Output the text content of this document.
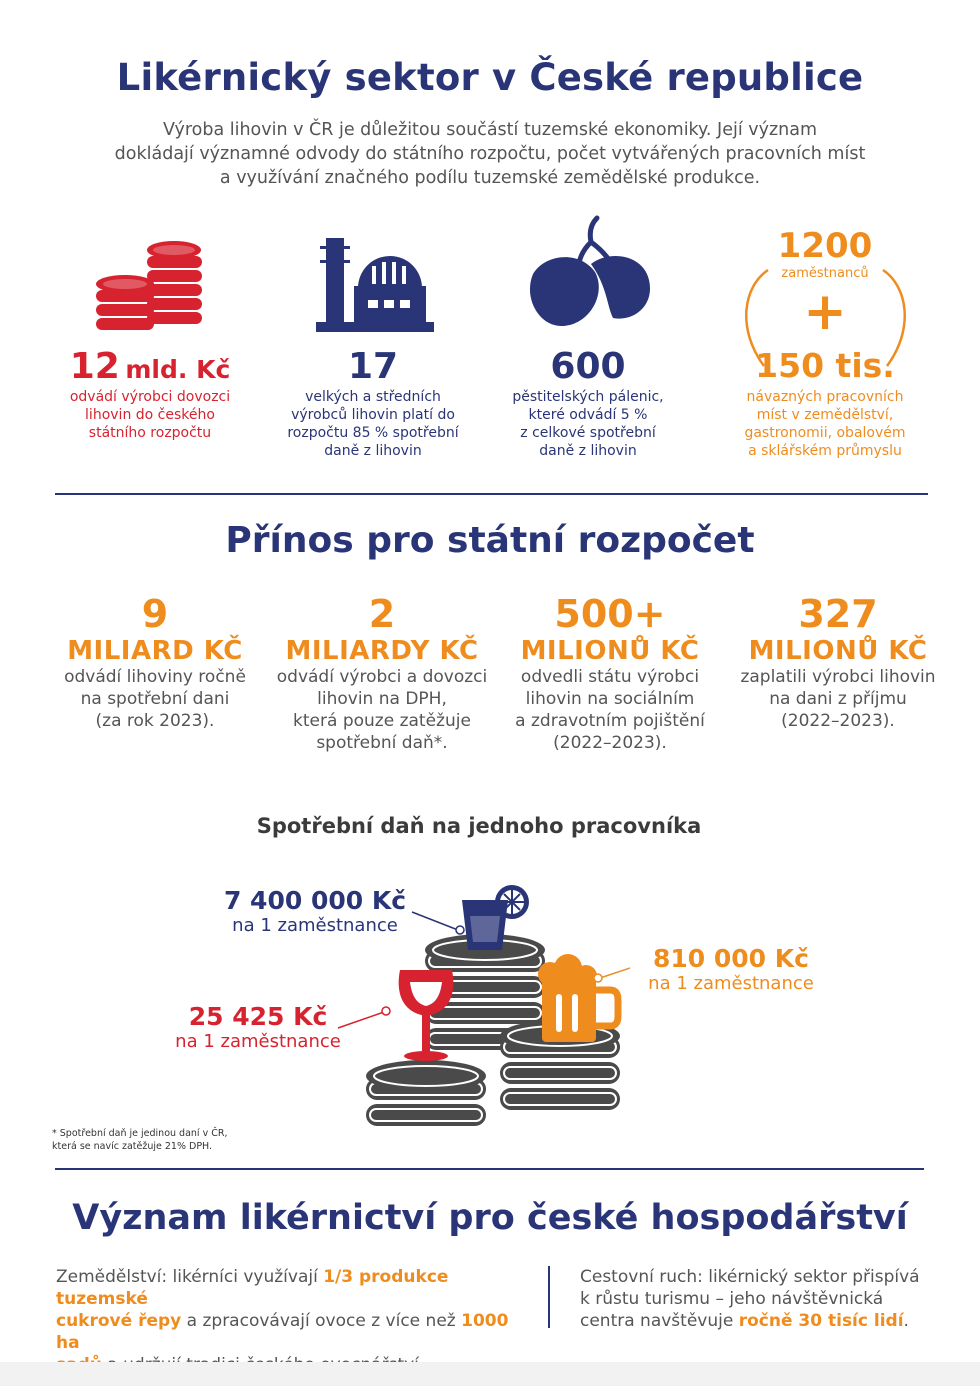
Likérnický sektor v České republice
Výroba lihovin v ČR je důležitou součástí tuzemské ekonomiky. Její význam
dokládají významné odvody do státního rozpočtu, počet vytvářených pracovních míst
a využívání značného podílu tuzemské zemědělské produkce.
12 mld. Kč
odvádí výrobci dovozci
lihovin do českého
státního rozpočtu
17
velkých a středních
výrobců lihovin platí do
rozpočtu 85 % spotřební
daně z lihovin
600
pěstitelských pálenic,
které odvádí 5 %
z celkové spotřební
daně z lihovin
1200
zaměstnanců
+
150 tis.
návazných pracovních
míst v zemědělství,
gastronomii, obalovém
a sklářském průmyslu
Přínos pro státní rozpočet
9
MILIARD KČ
odvádí lihoviny ročně
na spotřební dani
(za rok 2023).
2
MILIARDY KČ
odvádí výrobci a dovozci
lihovin na DPH,
která pouze zatěžuje
spotřební daň*.
500+
MILIONŮ KČ
odvedli státu výrobci
lihovin na sociálním
a zdravotním pojištění
(2022–2023).
327
MILIONŮ KČ
zaplatili výrobci lihovin
na dani z příjmu
(2022–2023).
Spotřební daň na jednoho pracovníka
7 400 000 Kč
na 1 zaměstnance
810 000 Kč
na 1 zaměstnance
25 425 Kč
na 1 zaměstnance
* Spotřební daň je jedinou daní v ČR,
která se navíc zatěžuje 21% DPH.
Význam likérnictví pro české hospodářství
Zemědělství: likérníci využívají 1/3 produkce tuzemské
cukrové řepy a zpracovávají ovoce z více než 1000 ha

Cestovní ruch: likérnický sektor přispívá
k růstu turismu – jeho návštěvnická
centra navštěvuje ročně 30 tisíc lidí.
